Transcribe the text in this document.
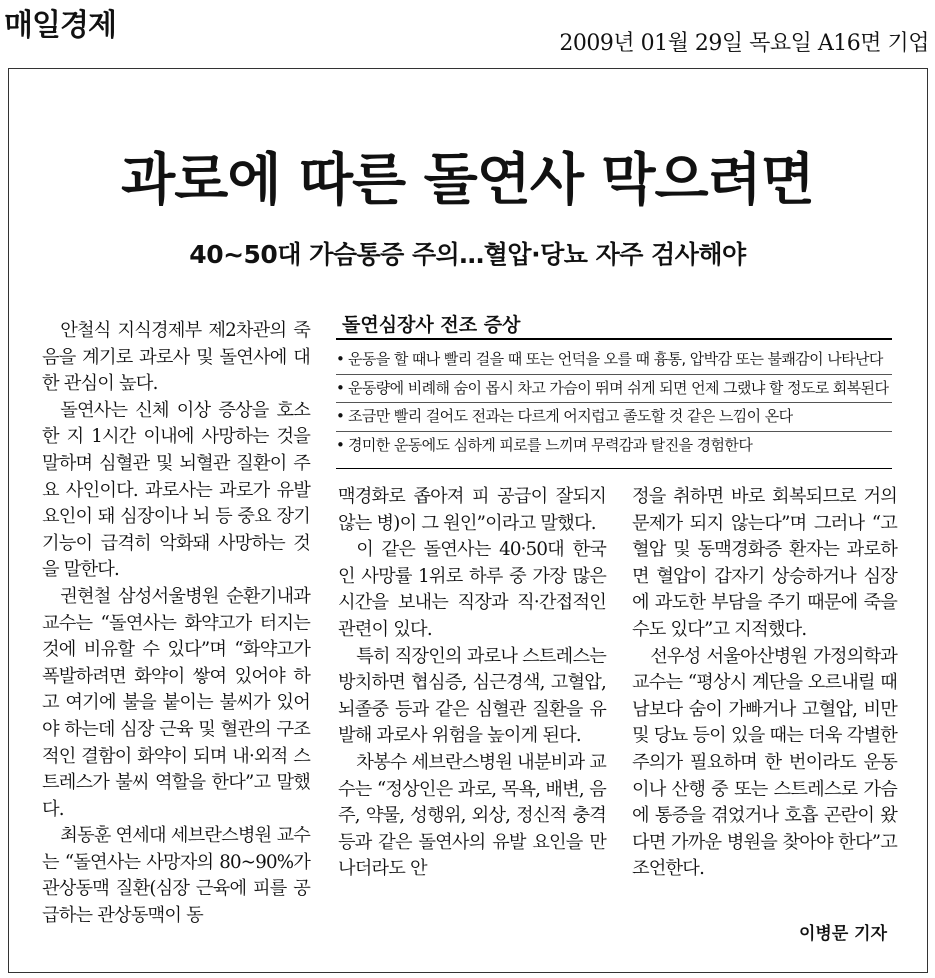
매일경제
2009년 01월 29일 목요일 A16면 기업
과로에 따른 돌연사 막으려면
40~50대 가슴통증 주의…혈압·당뇨 자주 검사해야

안철식 지식경제부 제2차관의 죽음을 계기로 과로사 및 돌연사에 대한 관심이 높다.

돌연사는 신체 이상 증상을 호소한 지 1시간 이내에 사망하는 것을 말하며 심혈관 및 뇌혈관 질환이 주요 사인이다. 과로사는 과로가 유발 요인이 돼 심장이나 뇌 등 중요 장기 기능이 급격히 악화돼 사망하는 것을 말한다.

권현철 삼성서울병원 순환기내과 교수는 “돌연사는 화약고가 터지는 것에 비유할 수 있다”며 “화약고가 폭발하려면 화약이 쌓여 있어야 하고 여기에 불을 붙이는 불씨가 있어야 하는데 심장 근육 및 혈관의 구조적인 결함이 화약이 되며 내·외적 스트레스가 불씨 역할을 한다”고 말했다.

최동훈 연세대 세브란스병원 교수는 “돌연사는 사망자의 80~90%가 관상동맥 질환(심장 근육에 피를 공급하는 관상동맥이 동

돌연심장사 전조 증상
• 운동을 할 때나 빨리 걸을 때 또는 언덕을 오를 때 흉통, 압박감 또는 불쾌감이 나타난다
• 운동량에 비례해 숨이 몹시 차고 가슴이 뛰며 쉬게 되면 언제 그랬냐 할 정도로 회복된다
• 조금만 빨리 걸어도 전과는 다르게 어지럽고 졸도할 것 같은 느낌이 온다
• 경미한 운동에도 심하게 피로를 느끼며 무력감과 탈진을 경험한다

맥경화로 좁아져 피 공급이 잘되지 않는 병)이 그 원인”이라고 말했다.

이 같은 돌연사는 40·50대 한국인 사망률 1위로 하루 중 가장 많은 시간을 보내는 직장과 직·간접적인 관련이 있다.

특히 직장인의 과로나 스트레스는 방치하면 협심증, 심근경색, 고혈압, 뇌졸중 등과 같은 심혈관 질환을 유발해 과로사 위험을 높이게 된다.

차봉수 세브란스병원 내분비과 교수는 “정상인은 과로, 목욕, 배변, 음주, 약물, 성행위, 외상, 정신적 충격 등과 같은 돌연사의 유발 요인을 만나더라도 안

정을 취하면 바로 회복되므로 거의 문제가 되지 않는다”며 그러나 “고혈압 및 동맥경화증 환자는 과로하면 혈압이 갑자기 상승하거나 심장에 과도한 부담을 주기 때문에 죽을 수도 있다”고 지적했다.

선우성 서울아산병원 가정의학과 교수는 “평상시 계단을 오르내릴 때 남보다 숨이 가빠거나 고혈압, 비만 및 당뇨 등이 있을 때는 더욱 각별한 주의가 필요하며 한 번이라도 운동이나 산행 중 또는 스트레스로 가슴에 통증을 겪었거나 호흡 곤란이 왔다면 가까운 병원을 찾아야 한다”고 조언한다.

이병문 기자
